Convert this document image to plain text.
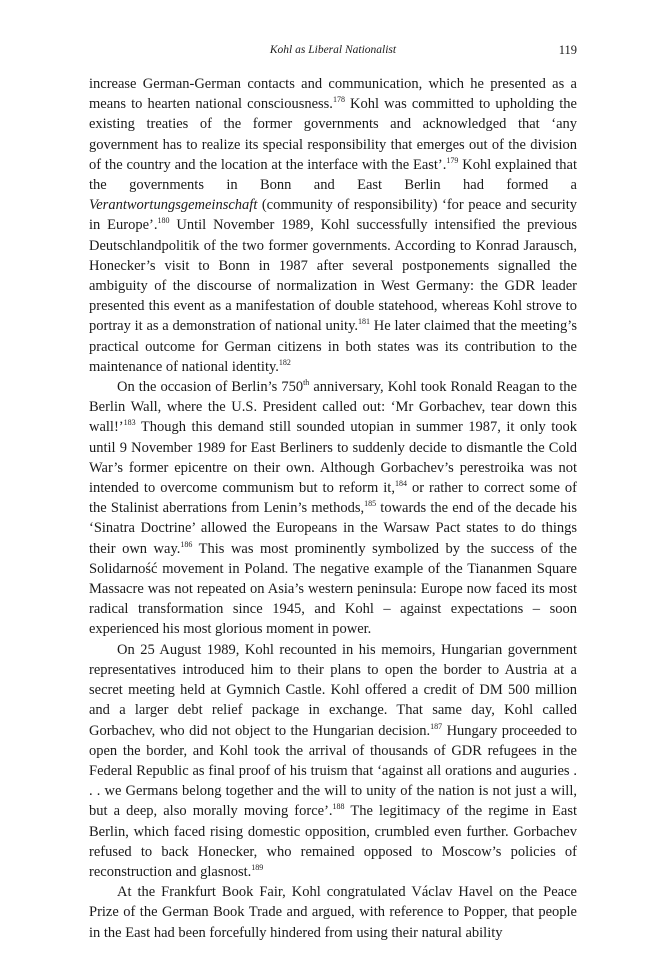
Kohl as Liberal Nationalist	119

increase German-German contacts and communication, which he presented as a means to hearten national consciousness.$^{178}$ Kohl was committed to upholding the existing treaties of the former governments and acknowledged that ‘any government has to realize its special responsibility that emerges out of the division of the country and the location at the interface with the East’.$^{179}$ Kohl explained that the governments in Bonn and East Berlin had formed a Verantwortungsgemeinschaft (community of responsibility) ‘for peace and security in Europe’.$^{180}$ Until November 1989, Kohl successfully intensified the previous Deutschlandpolitik of the two former governments. According to Konrad Jarausch, Honecker’s visit to Bonn in 1987 after several postponements signalled the ambiguity of the discourse of normalization in West Germany: the GDR leader presented this event as a manifestation of double statehood, whereas Kohl strove to portray it as a demonstration of national unity.$^{181}$ He later claimed that the meeting’s practical outcome for German citizens in both states was its contribution to the maintenance of national identity.$^{182}$

On the occasion of Berlin’s 750th anniversary, Kohl took Ronald Reagan to the Berlin Wall, where the U.S. President called out: ‘Mr Gorbachev, tear down this wall!’$^{183}$ Though this demand still sounded utopian in summer 1987, it only took until 9 November 1989 for East Berliners to suddenly decide to dismantle the Cold War’s former epicentre on their own. Although Gorbachev’s perestroika was not intended to overcome communism but to reform it,$^{184}$ or rather to correct some of the Stalinist aberrations from Lenin’s methods,$^{185}$ towards the end of the decade his ‘Sinatra Doctrine’ allowed the Europeans in the Warsaw Pact states to do things their own way.$^{186}$ This was most prominently symbolized by the success of the Solidarność movement in Poland. The negative example of the Tiananmen Square Massacre was not repeated on Asia’s western peninsula: Europe now faced its most radical transformation since 1945, and Kohl – against expectations – soon experienced his most glorious moment in power.

On 25 August 1989, Kohl recounted in his memoirs, Hungarian government representatives introduced him to their plans to open the border to Austria at a secret meeting held at Gymnich Castle. Kohl offered a credit of DM 500 million and a larger debt relief package in exchange. That same day, Kohl called Gorbachev, who did not object to the Hungarian decision.$^{187}$ Hungary proceeded to open the border, and Kohl took the arrival of thousands of GDR refugees in the Federal Republic as final proof of his truism that ‘against all orations and auguries . . . we Germans belong together and the will to unity of the nation is not just a will, but a deep, also morally moving force’.$^{188}$ The legitimacy of the regime in East Berlin, which faced rising domestic opposition, crumbled even further. Gorbachev refused to back Honecker, who remained opposed to Moscow’s policies of reconstruction and glasnost.$^{189}$

At the Frankfurt Book Fair, Kohl congratulated Václav Havel on the Peace Prize of the German Book Trade and argued, with reference to Popper, that people in the East had been forcefully hindered from using their natural ability
